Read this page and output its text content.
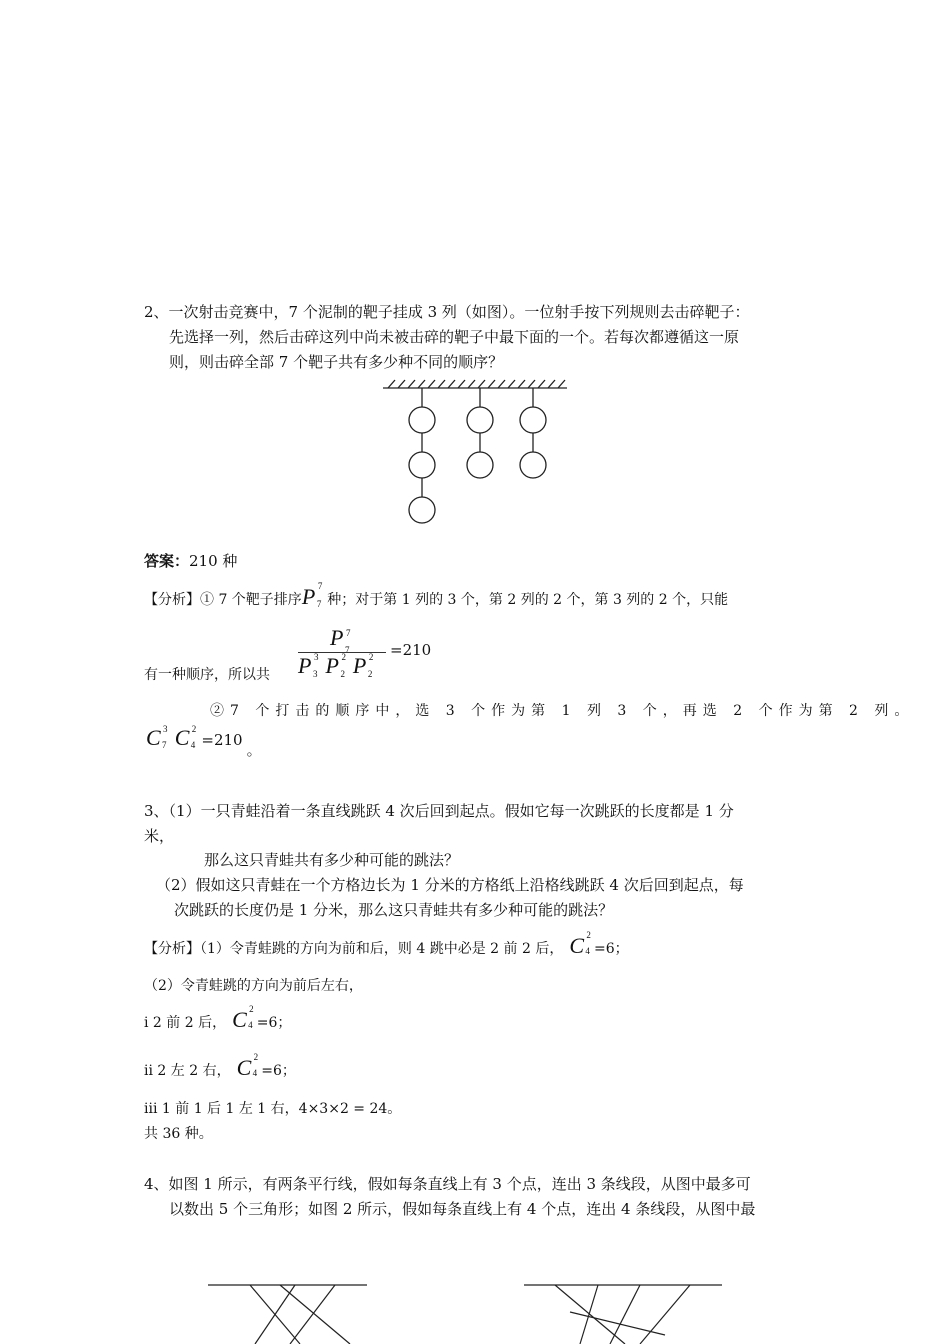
2、一次射击竞赛中，7 个泥制的靶子挂成 3 列（如图）。一位射手按下列规则去击碎靶子：
先选择一列，然后击碎这列中尚未被击碎的靶子中最下面的一个。若每次都遵循这一原
则，则击碎全部 7 个靶子共有多少种不同的顺序？
答案：210 种
【分析】① 7 个靶子排序P 7
7 种；对于第 1 列的 3 个，第 2 列的 2 个，第 3 列的 2 个，只能
P 7
7
P 3
3 P 2
2 P 2
2
=210
有一种顺序，所以共
②7 个打击的顺序中，选 3 个作为第 1 列 3 个，再选 2 个作为第 2 列。
C 3
7 C 2
4 =210。
3、（1）一只青蛙沿着一条直线跳跃 4 次后回到起点。假如它每一次跳跃的长度都是 1 分
米，
那么这只青蛙共有多少种可能的跳法？
（2）假如这只青蛙在一个方格边长为 1 分米的方格纸上沿格线跳跃 4 次后回到起点，每
次跳跃的长度仍是 1 分米，那么这只青蛙共有多少种可能的跳法？
【分析】（1）令青蛙跳的方向为前和后，则 4 跳中必是 2 前 2 后， C 2
4 =6；
（2）令青蛙跳的方向为前后左右，
i 2 前 2 后， C 2
4 =6；
ii 2 左 2 右， C 2
4 =6；
iii 1 前 1 后 1 左 1 右，4×3×2 = 24。
共 36 种。
4、如图 1 所示，有两条平行线，假如每条直线上有 3 个点，连出 3 条线段，从图中最多可
以数出 5 个三角形；如图 2 所示，假如每条直线上有 4 个点，连出 4 条线段，从图中最
